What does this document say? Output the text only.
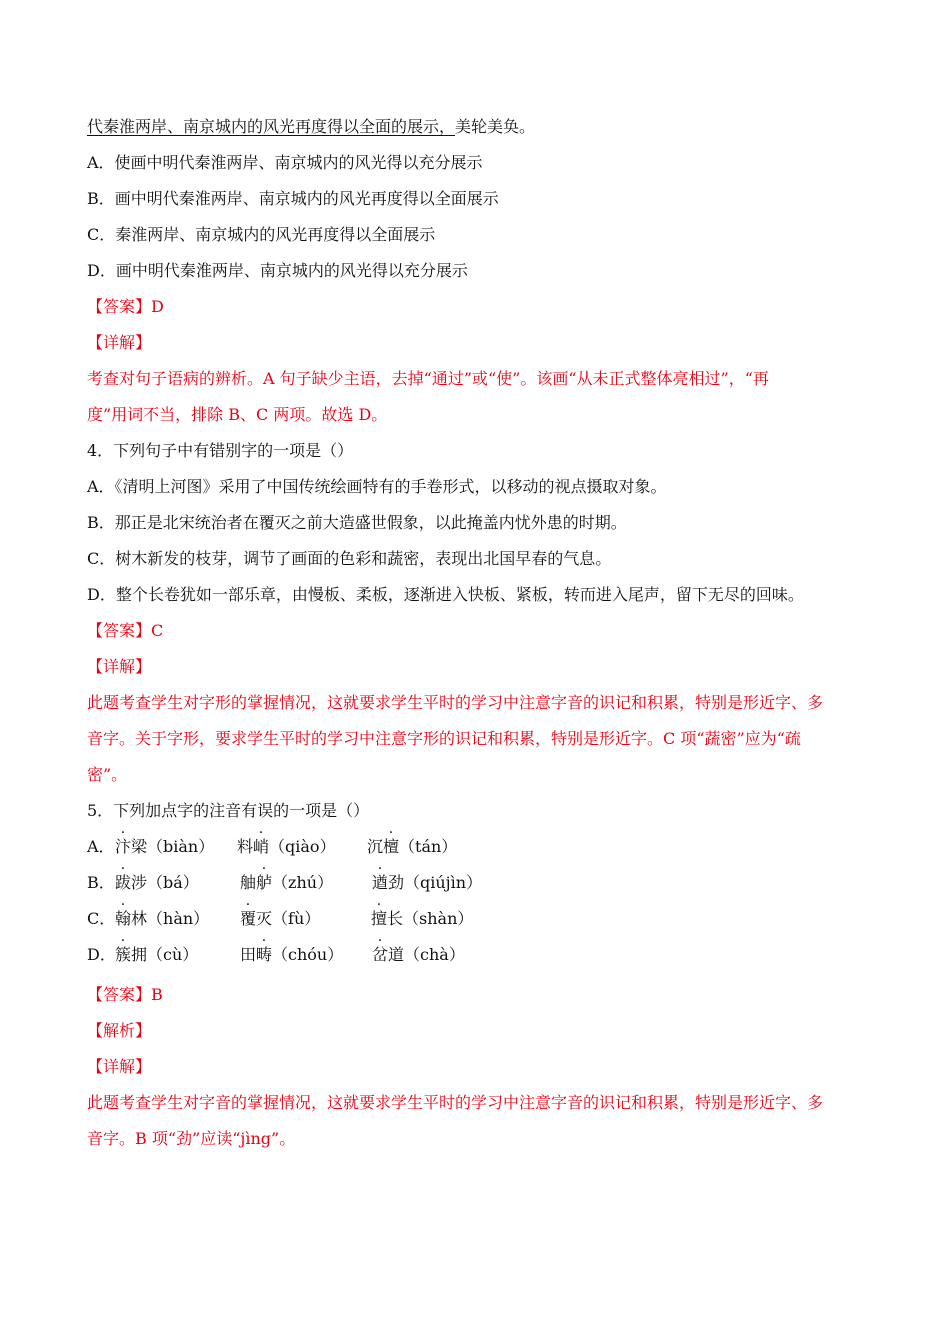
代秦淮两岸、南京城内的风光再度得以全面的展示，美轮美奂。
A．使画中明代秦淮两岸、南京城内的风光得以充分展示
B．画中明代秦淮两岸、南京城内的风光再度得以全面展示
C．秦淮两岸、南京城内的风光再度得以全面展示
D．画中明代秦淮两岸、南京城内的风光得以充分展示
【答案】D
【详解】
考查对句子语病的辨析。A 句子缺少主语，去掉“通过”或“使”。该画“从未正式整体亮相过”，“再
度”用词不当，排除 B、C 两项。故选 D。
4．下列句子中有错别字的一项是（）
A．《清明上河图》采用了中国传统绘画特有的手卷形式，以移动的视点摄取对象。
B．那正是北宋统治者在覆灭之前大造盛世假象，以此掩盖内忧外患的时期。
C．树木新发的枝芽，调节了画面的色彩和蔬密，表现出北国早春的气息。
D．整个长卷犹如一部乐章，由慢板、柔板，逐渐进入快板、紧板，转而进入尾声，留下无尽的回味。
【答案】C
【详解】
此题考查学生对字形的掌握情况，这就要求学生平时的学习中注意字音的识记和积累，特别是形近字、多
音字。关于字形，要求学生平时的学习中注意字形的识记和积累，特别是形近字。C 项“蔬密”应为“疏
密”。
5．下列加点字的注音有误的一项是（）
A． 汴梁（biàn） 料峭（qiào） 沉檀（tán）
B． 跋涉（bá）	舳舻（zhú） 遒劲（qiújìn）
C． 翰林（hàn） 覆灭（fù）	擅长（shàn）
D． 簇拥（cù）	田畴（chóu） 岔道（chà）
【答案】B
【解析】
【详解】
此题考查学生对字音的掌握情况，这就要求学生平时的学习中注意字音的识记和积累，特别是形近字、多
音字。B 项“劲”应读“jìng”。
